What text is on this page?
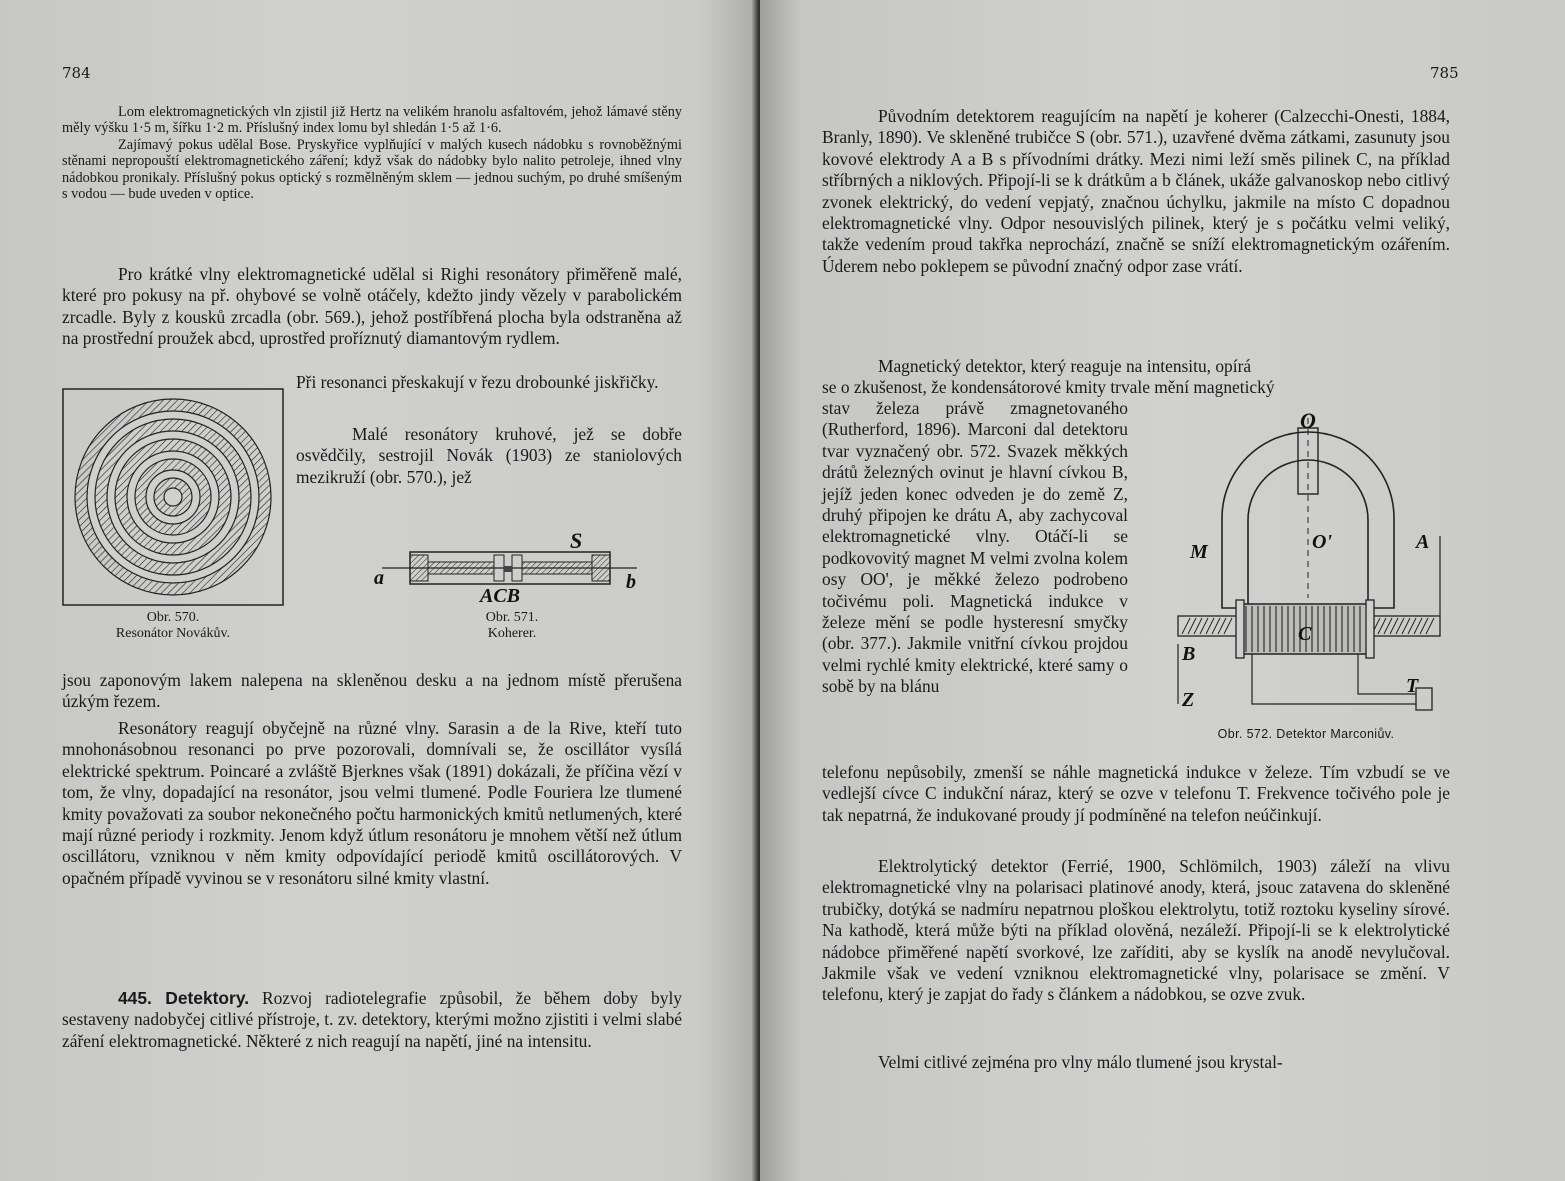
784

Lom elektromagnetických vln zjistil již Hertz na velikém hranolu asfaltovém, jehož lámavé stěny měly výšku 1·5 m, šířku 1·2 m. Příslušný index lomu byl shledán 1·5 až 1·6.

Zajímavý pokus udělal Bose. Pryskyřice vyplňující v malých kusech nádobku s rovnoběžnými stěnami nepropouští elektromagnetického záření; když však do nádobky bylo nalito petroleje, ihned vlny nádobkou pronikaly. Příslušný pokus optický s rozmělněným sklem — jednou suchým, po druhé smíšeným s vodou — bude uveden v optice.

Pro krátké vlny elektromagnetické udělal si Righi resonátory přiměřeně malé, které pro pokusy na př. ohybové se volně otáčely, kdežto jindy vězely v parabolickém zrcadle. Byly z kousků zrcadla (obr. 569.), jehož postříbřená plocha byla odstraněna až na prostřední proužek abcd, uprostřed proříznutý diamantovým rydlem.

Při resonanci přeskakují v řezu drobounké jiskřičky.

Malé resonátory kruhové, jež se dobře osvědčily, sestrojil Novák (1903) ze staniolových mezikruží (obr. 570.), jež

Obr. 570.
Resonátor Novákův.
S
a	b
ACB
Obr. 571.
Koherer.

jsou zaponovým lakem nalepena na skleněnou desku a na jednom místě přerušena úzkým řezem.

Resonátory reagují obyčejně na různé vlny. Sarasin a de la Rive, kteří tuto mnohonásobnou resonanci po prve pozorovali, domnívali se, že oscillátor vysílá elektrické spektrum. Poincaré a zvláště Bjerknes však (1891) dokázali, že příčina vězí v tom, že vlny, dopadající na resonátor, jsou velmi tlumené. Podle Fouriera lze tlumené kmity považovati za soubor nekonečného počtu harmonických kmitů netlumených, které mají různé periody i rozkmity. Jenom když útlum resonátoru je mnohem větší než útlum oscillátoru, vzniknou v něm kmity odpovídající periodě kmitů oscillátorových. V opačném případě vyvinou se v resonátoru silné kmity vlastní.

445. Detektory. Rozvoj radiotelegrafie způsobil, že během doby byly sestaveny nadobyčej citlivé přístroje, t. zv. detektory, kterými možno zjistiti i velmi slabé záření elektromagnetické. Některé z nich reagují na napětí, jiné na intensitu.

785

Původním detektorem reagujícím na napětí je koherer (Calzecchi-Onesti, 1884, Branly, 1890). Ve skleněné trubičce S (obr. 571.), uzavřené dvěma zátkami, zasunuty jsou kovové elektrody A a B s přívodními drátky. Mezi nimi leží směs pilinek C, na příklad stříbrných a niklových. Připojí-li se k drátkům a b článek, ukáže galvanoskop nebo citlivý zvonek elektrický, do vedení vepjatý, značnou úchylku, jakmile na místo C dopadnou elektromagnetické vlny. Odpor nesouvislých pilinek, který je s počátku velmi veliký, takže vedením proud takřka neprochází, značně se sníží elektromagnetickým ozářením. Úderem nebo poklepem se původní značný odpor zase vrátí.

Magnetický detektor, který reaguje na intensitu, opírá

se o zkušenost, že kondensátorové kmity trvale mění magnetický

stav železa právě zmagnetovaného (Rutherford, 1896). Marconi dal detektoru tvar vyznačený obr. 572. Svazek měkkých drátů železných ovinut je hlavní cívkou B, jejíž jeden konec odveden je do země Z, druhý připojen ke drátu A, aby zachycoval elektromagnetické vlny. Otáčí-li se podkovovitý magnet M velmi zvolna kolem osy OO', je měkké železo podrobeno točivému poli. Magnetická indukce v železe mění se podle hysteresní smyčky (obr. 377.). Jakmile vnitřní cívkou projdou velmi rychlé kmity elektrické, které samy o sobě by na blánu

O
O'
M	A
C
B
Z
T
Obr. 572. Detektor Marconiův.

telefonu nepůsobily, zmenší se náhle magnetická indukce v železe. Tím vzbudí se ve vedlejší cívce C indukční náraz, který se ozve v telefonu T. Frekvence točivého pole je tak nepatrná, že indukované proudy jí podmíněné na telefon neúčinkují.

Elektrolytický detektor (Ferrié, 1900, Schlömilch, 1903) záleží na vlivu elektromagnetické vlny na polarisaci platinové anody, která, jsouc zatavena do skleněné trubičky, dotýká se nadmíru nepatrnou ploškou elektrolytu, totiž roztoku kyseliny sírové. Na kathodě, která může býti na příklad olověná, nezáleží. Připojí-li se k elektrolytické nádobce přiměřené napětí svorkové, lze zaříditi, aby se kyslík na anodě nevylučoval. Jakmile však ve vedení vzniknou elektromagnetické vlny, polarisace se změní. V telefonu, který je zapjat do řady s článkem a nádobkou, se ozve zvuk.

Velmi citlivé zejména pro vlny málo tlumené jsou krystal-
